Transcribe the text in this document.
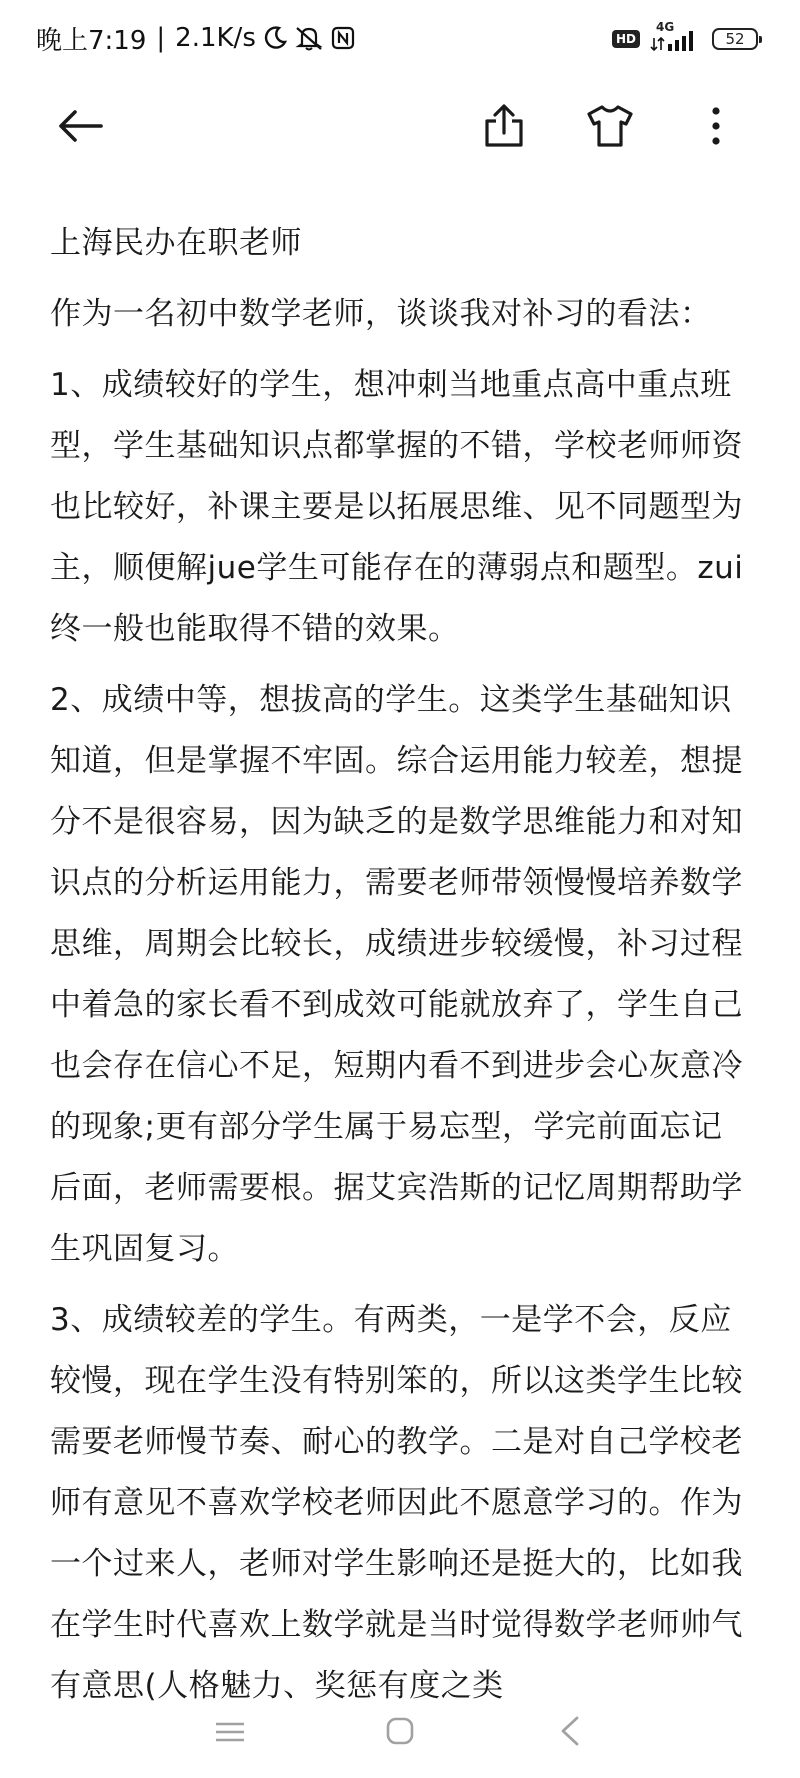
晚上7:19 | 2.1K/s	HD
4G
52

上海民办在职老师

作为一名初中数学老师，谈谈我对补习的看法：

1、成绩较好的学生，想冲刺当地重点高中重点班型，学生基础知识点都掌握的不错，学校老师师资也比较好，补课主要是以拓展思维、见不同题型为主，顺便解jue学生可能存在的薄弱点和题型。zui终一般也能取得不错的效果。

2、成绩中等，想拔高的学生。这类学生基础知识知道，但是掌握不牢固。综合运用能力较差，想提分不是很容易，因为缺乏的是数学思维能力和对知识点的分析运用能力，需要老师带领慢慢培养数学思维，周期会比较长，成绩进步较缓慢，补习过程中着急的家长看不到成效可能就放弃了，学生自己也会存在信心不足，短期内看不到进步会心灰意冷的现象;更有部分学生属于易忘型，学完前面忘记后面，老师需要根。据艾宾浩斯的记忆周期帮助学生巩固复习。

3、成绩较差的学生。有两类，一是学不会，反应较慢，现在学生没有特别笨的，所以这类学生比较需要老师慢节奏、耐心的教学。二是对自己学校老师有意见不喜欢学校老师因此不愿意学习的。作为一个过来人，老师对学生影响还是挺大的，比如我在学生时代喜欢上数学就是当时觉得数学老师帅气有意思(人格魅力、奖惩有度之类
